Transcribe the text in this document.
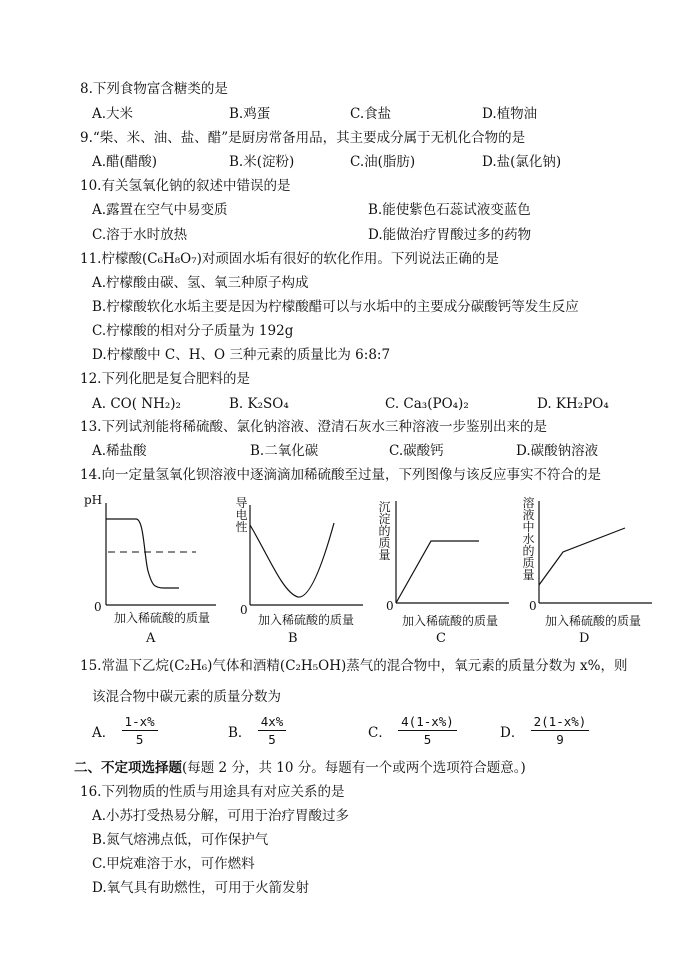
8.下列食物富含糖类的是
A.大米	B.鸡蛋	C.食盐	D.植物油
9.“柴、米、油、盐、醋”是厨房常备用品，其主要成分属于无机化合物的是
A.醋(醋酸)	B.米(淀粉)	C.油(脂肪)	D.盐(氯化钠)
10.有关氢氧化钠的叙述中错误的是
A.露置在空气中易变质	B.能使紫色石蕊试液变蓝色
C.溶于水时放热	D.能做治疗胃酸过多的药物
11.柠檬酸(C₆H₈O₇)对顽固水垢有很好的软化作用。下列说法正确的是
A.柠檬酸由碳、氢、氧三种原子构成
B.柠檬酸软化水垢主要是因为柠檬酸醋可以与水垢中的主要成分碳酸钙等发生反应
C.柠檬酸的相对分子质量为 192g
D.柠檬酸中 C、H、O 三种元素的质量比为 6:8:7
12.下列化肥是复合肥料的是
A. CO( NH₂)₂	B. K₂SO₄	C. Ca₃(PO₄)₂	D. KH₂PO₄
13.下列试剂能将稀硫酸、氯化钠溶液、澄清石灰水三种溶液一步鉴别出来的是
A.稀盐酸	B.二氧化碳	C.碳酸钙	D.碳酸钠溶液
14.向一定量氢氧化钡溶液中逐滴滴加稀硫酸至过量，下列图像与该反应事实不符合的是
pH
0
加入稀硫酸的质量
A
导电性
0
加入稀硫酸的质量
B
沉淀的质量
0
加入稀硫酸的质量
C
溶液中水的质量
0
加入稀硫酸的质量
D
15.常温下乙烷(C₂H₆)气体和酒精(C₂H₅OH)蒸气的混合物中，氧元素的质量分数为 x%，则
该混合物中碳元素的质量分数为
A． $\frac{1-x\%}{5}$	B． $\frac{4x\%}{5}$	C． $\frac{4(1-x\%)}{5}$	D． $\frac{2(1-x\%)}{9}$
二、不定项选择题(每题 2 分，共 10 分。每题有一个或两个选项符合题意。)
16.下列物质的性质与用途具有对应关系的是
A.小苏打受热易分解，可用于治疗胃酸过多
B.氮气熔沸点低，可作保护气
C.甲烷难溶于水，可作燃料
D.氧气具有助燃性，可用于火箭发射
